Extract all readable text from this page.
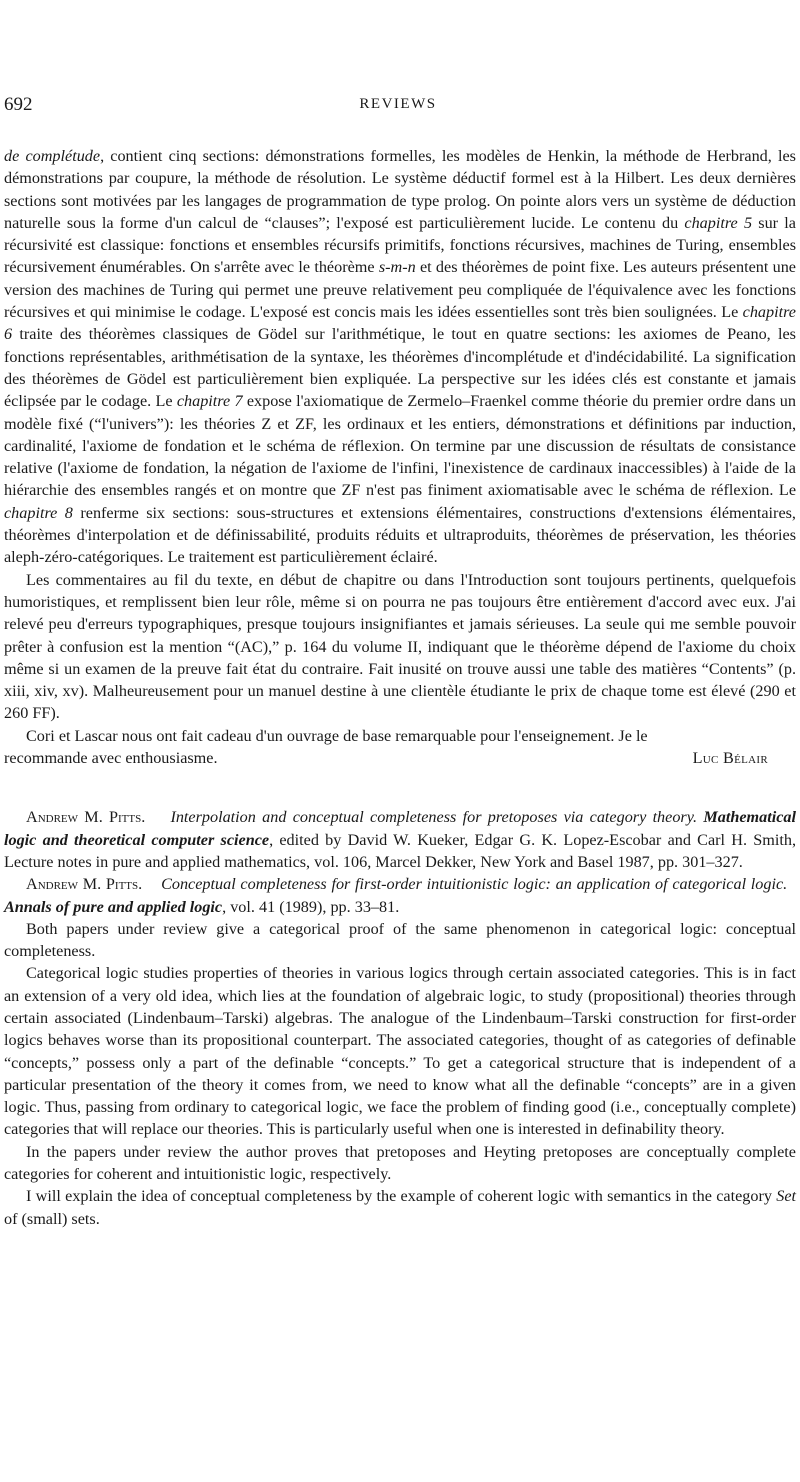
692	REVIEWS

de complétude, contient cinq sections: démonstrations formelles, les modèles de Henkin, la méthode de Herbrand, les démonstrations par coupure, la méthode de résolution. Le système déductif formel est à la Hilbert. Les deux dernières sections sont motivées par les langages de programmation de type prolog. On pointe alors vers un système de déduction naturelle sous la forme d'un calcul de “clauses”; l'exposé est particulièrement lucide. Le contenu du chapitre 5 sur la récursivité est classique: fonctions et ensembles récursifs primitifs, fonctions récursives, machines de Turing, ensembles récursivement énumérables. On s'arrête avec le théorème s-m-n et des théorèmes de point fixe. Les auteurs présentent une version des machines de Turing qui permet une preuve relativement peu compliquée de l'équivalence avec les fonctions récursives et qui minimise le codage. L'exposé est concis mais les idées essentielles sont très bien soulignées. Le chapitre 6 traite des théorèmes classiques de Gödel sur l'arithmétique, le tout en quatre sections: les axiomes de Peano, les fonctions représentables, arithmétisation de la syntaxe, les théorèmes d'incomplétude et d'indécidabilité. La signification des théorèmes de Gödel est particulièrement bien expliquée. La perspective sur les idées clés est constante et jamais éclipsée par le codage. Le chapitre 7 expose l'axiomatique de Zermelo–Fraenkel comme théorie du premier ordre dans un modèle fixé (“l'univers”): les théories Z et ZF, les ordinaux et les entiers, démonstrations et définitions par induction, cardinalité, l'axiome de fondation et le schéma de réflexion. On termine par une discussion de résultats de consistance relative (l'axiome de fondation, la négation de l'axiome de l'infini, l'inexistence de cardinaux inaccessibles) à l'aide de la hiérarchie des ensembles rangés et on montre que ZF n'est pas finiment axiomatisable avec le schéma de réflexion. Le chapitre 8 renferme six sections: sous-structures et extensions élémentaires, constructions d'extensions élémentaires, théorèmes d'interpolation et de définissabilité, produits réduits et ultraproduits, théorèmes de préservation, les théories aleph-zéro-catégoriques. Le traitement est particulièrement éclairé.

Les commentaires au fil du texte, en début de chapitre ou dans l'Introduction sont toujours pertinents, quelquefois humoristiques, et remplissent bien leur rôle, même si on pourra ne pas toujours être entièrement d'accord avec eux. J'ai relevé peu d'erreurs typographiques, presque toujours insignifiantes et jamais sérieuses. La seule qui me semble pouvoir prêter à confusion est la mention “(AC),” p. 164 du volume II, indiquant que le théorème dépend de l'axiome du choix même si un examen de la preuve fait état du contraire. Fait inusité on trouve aussi une table des matières “Contents” (p. xiii, xiv, xv). Malheureusement pour un manuel destine à une clientèle étudiante le prix de chaque tome est élevé (290 et 260 FF).

Cori et Lascar nous ont fait cadeau d'un ouvrage de base remarquable pour l'enseignement. Je le

recommande avec enthousiasme.	Luc Bélair

Andrew M. Pitts. Interpolation and conceptual completeness for pretoposes via category theory. Mathematical logic and theoretical computer science, edited by David W. Kueker, Edgar G. K. Lopez-Escobar and Carl H. Smith, Lecture notes in pure and applied mathematics, vol. 106, Marcel Dekker, New York and Basel 1987, pp. 301–327.

Andrew M. Pitts. Conceptual completeness for first-order intuitionistic logic: an application of categorical logic.   Annals of pure and applied logic, vol. 41 (1989), pp. 33–81.

Both papers under review give a categorical proof of the same phenomenon in categorical logic: conceptual completeness.

Categorical logic studies properties of theories in various logics through certain associated categories. This is in fact an extension of a very old idea, which lies at the foundation of algebraic logic, to study (propositional) theories through certain associated (Lindenbaum–Tarski) algebras. The analogue of the Lindenbaum–Tarski construction for first-order logics behaves worse than its propositional counterpart. The associated categories, thought of as categories of definable “concepts,” possess only a part of the definable “concepts.” To get a categorical structure that is independent of a particular presentation of the theory it comes from, we need to know what all the definable “concepts” are in a given logic. Thus, passing from ordinary to categorical logic, we face the problem of finding good (i.e., conceptually complete) categories that will replace our theories. This is particularly useful when one is interested in definability theory.

In the papers under review the author proves that pretoposes and Heyting pretoposes are conceptually complete categories for coherent and intuitionistic logic, respectively.

I will explain the idea of conceptual completeness by the example of coherent logic with semantics in the category Set of (small) sets.
